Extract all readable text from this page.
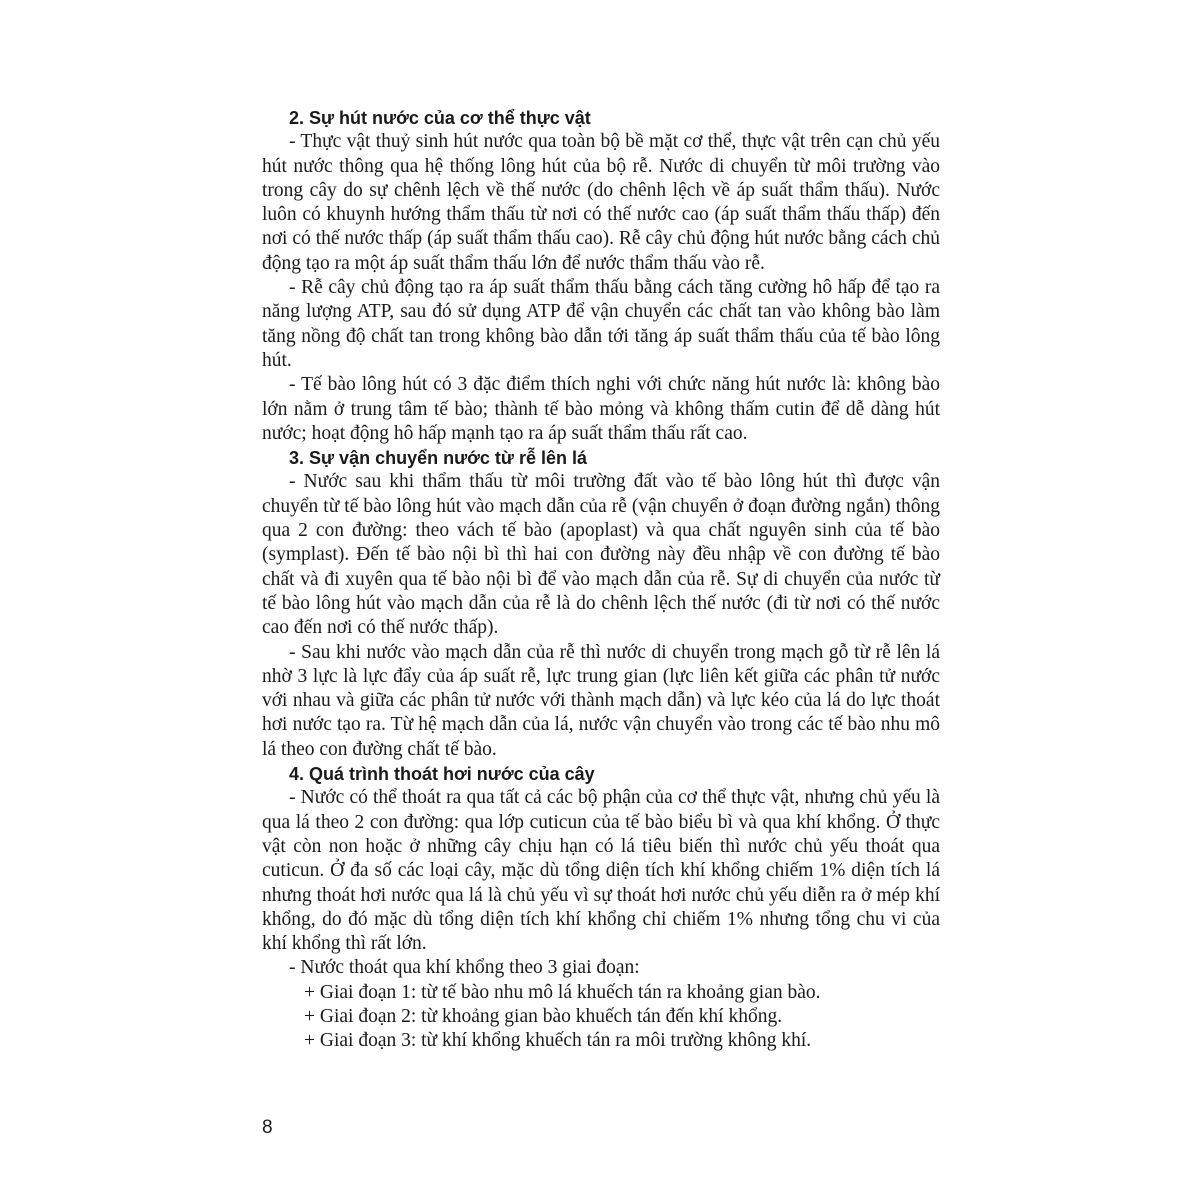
2. Sự hút nước của cơ thể thực vật

- Thực vật thuỷ sinh hút nước qua toàn bộ bề mặt cơ thể, thực vật trên cạn chủ yếu hút nước thông qua hệ thống lông hút của bộ rễ. Nước di chuyển từ môi trường vào trong cây do sự chênh lệch về thế nước (do chênh lệch về áp suất thẩm thấu). Nước luôn có khuynh hướng thẩm thấu từ nơi có thế nước cao (áp suất thẩm thấu thấp) đến nơi có thế nước thấp (áp suất thẩm thấu cao). Rễ cây chủ động hút nước bằng cách chủ động tạo ra một áp suất thẩm thấu lớn để nước thẩm thấu vào rễ.

- Rễ cây chủ động tạo ra áp suất thẩm thấu bằng cách tăng cường hô hấp để tạo ra năng lượng ATP, sau đó sử dụng ATP để vận chuyển các chất tan vào không bào làm tăng nồng độ chất tan trong không bào dẫn tới tăng áp suất thẩm thấu của tế bào lông hút.

- Tế bào lông hút có 3 đặc điểm thích nghi với chức năng hút nước là: không bào lớn nằm ở trung tâm tế bào; thành tế bào mỏng và không thấm cutin để dễ dàng hút nước; hoạt động hô hấp mạnh tạo ra áp suất thẩm thấu rất cao.

3. Sự vận chuyển nước từ rễ lên lá

- Nước sau khi thẩm thấu từ môi trường đất vào tế bào lông hút thì được vận chuyển từ tế bào lông hút vào mạch dẫn của rễ (vận chuyển ở đoạn đường ngắn) thông qua 2 con đường: theo vách tế bào (apoplast) và qua chất nguyên sinh của tế bào (symplast). Đến tế bào nội bì thì hai con đường này đều nhập về con đường tế bào chất và đi xuyên qua tế bào nội bì để vào mạch dẫn của rễ. Sự di chuyển của nước từ tế bào lông hút vào mạch dẫn của rễ là do chênh lệch thế nước (đi từ nơi có thế nước cao đến nơi có thế nước thấp).

- Sau khi nước vào mạch dẫn của rễ thì nước di chuyển trong mạch gỗ từ rễ lên lá nhờ 3 lực là lực đẩy của áp suất rễ, lực trung gian (lực liên kết giữa các phân tử nước với nhau và giữa các phân tử nước với thành mạch dẫn) và lực kéo của lá do lực thoát hơi nước tạo ra. Từ hệ mạch dẫn của lá, nước vận chuyển vào trong các tế bào nhu mô lá theo con đường chất tế bào.

4. Quá trình thoát hơi nước của cây

- Nước có thể thoát ra qua tất cả các bộ phận của cơ thể thực vật, nhưng chủ yếu là qua lá theo 2 con đường: qua lớp cuticun của tế bào biểu bì và qua khí khổng. Ở thực vật còn non hoặc ở những cây chịu hạn có lá tiêu biến thì nước chủ yếu thoát qua cuticun. Ở đa số các loại cây, mặc dù tổng diện tích khí khổng chiếm 1% diện tích lá nhưng thoát hơi nước qua lá là chủ yếu vì sự thoát hơi nước chủ yếu diễn ra ở mép khí khổng, do đó mặc dù tổng diện tích khí khổng chỉ chiếm 1% nhưng tổng chu vi của khí khổng thì rất lớn.

- Nước thoát qua khí khổng theo 3 giai đoạn:

+ Giai đoạn 1: từ tế bào nhu mô lá khuếch tán ra khoảng gian bào.

+ Giai đoạn 2: từ khoảng gian bào khuếch tán đến khí khổng.

+ Giai đoạn 3: từ khí khổng khuếch tán ra môi trường không khí.

8
